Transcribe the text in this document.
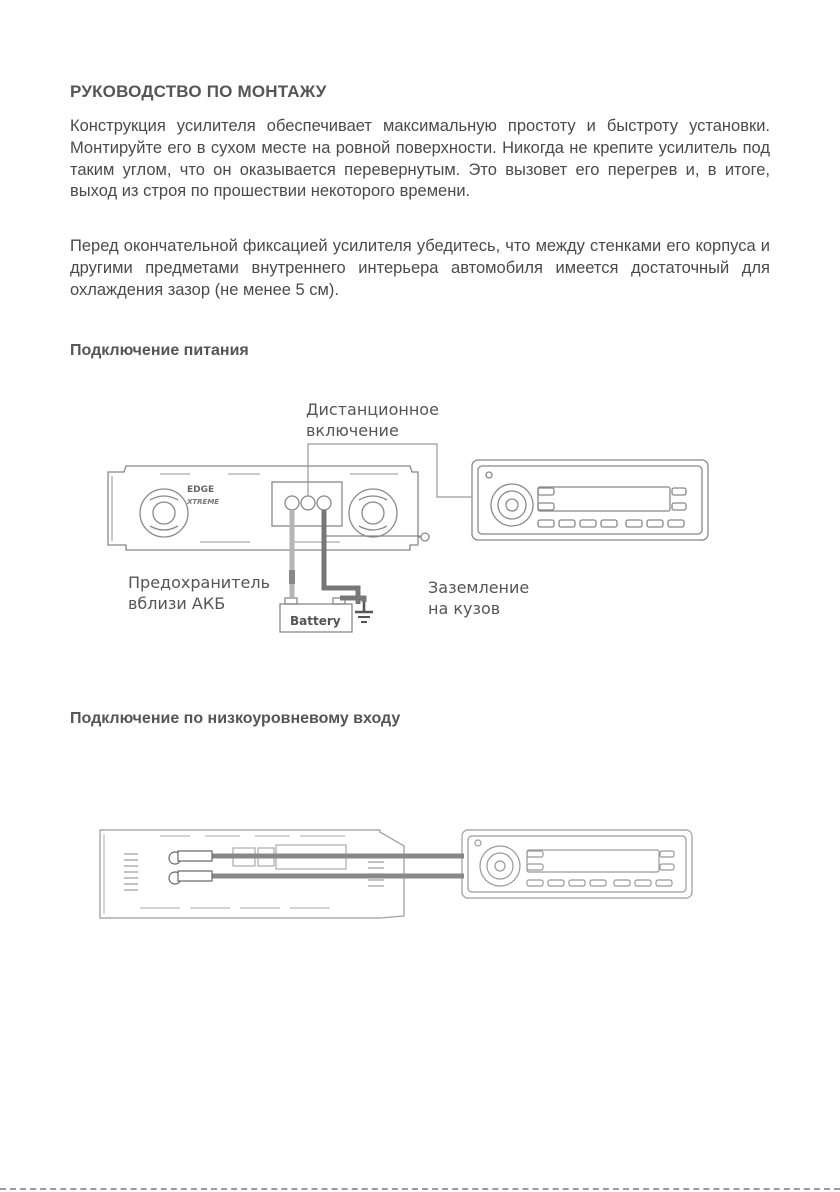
РУКОВОДСТВО ПО МОНТАЖУ

Конструкция усилителя обеспечивает максимальную простоту и быстроту установки. Монтируйте его в сухом месте на ровной поверхности. Никогда не крепите усилитель под таким углом, что он оказывается перевернутым. Это вызовет его перегрев и, в итоге, выход из строя по прошествии некоторого времени.

Перед окончательной фиксацией усилителя убедитесь, что между стенками его корпуса и другими предметами внутреннего интерьера автомобиля имеется достаточный для охлаждения зазор (не менее 5 см).

Подключение питания
Battery
EDGE
XTREME
Дистанционное
включение
Предохранитель
вблизи АКБ
Заземление
на кузов
Подключение по низкоуровневому входу
